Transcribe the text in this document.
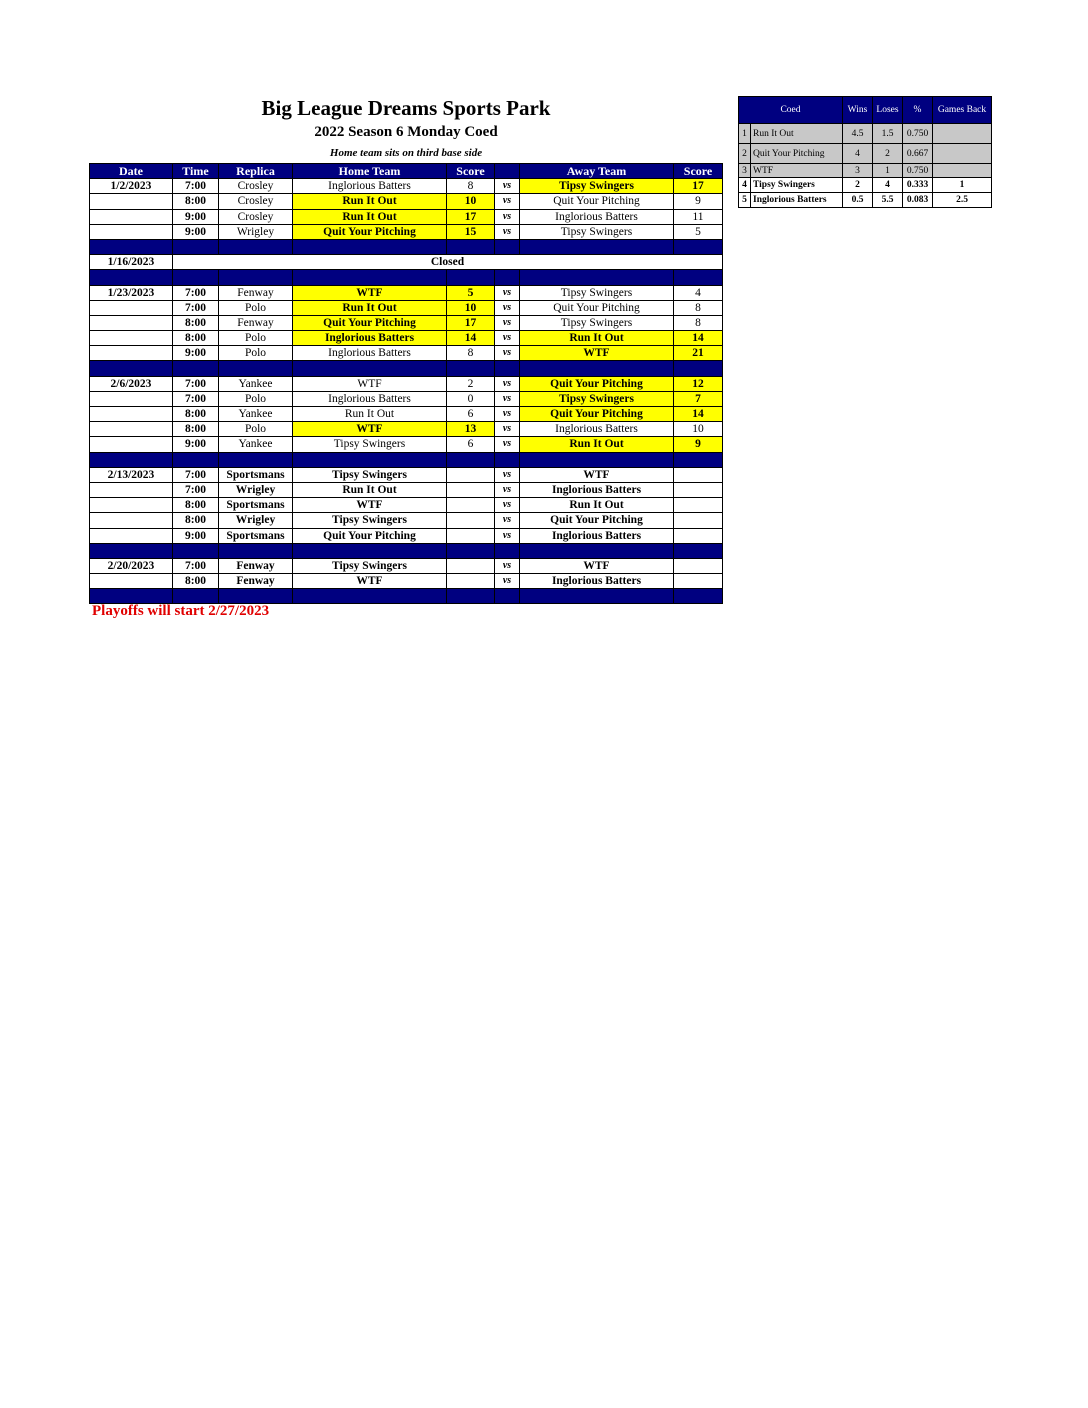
Big League Dreams Sports Park
2022 Season 6 Monday Coed
Home team sits on third base side
Date	Time	Replica	Home Team	Score		Away Team	Score
1/2/2023	7:00	Crosley	Inglorious Batters	8	vs	Tipsy Swingers	17
	8:00	Crosley	Run It Out	10	vs	Quit Your Pitching	9
	9:00	Crosley	Run It Out	17	vs	Inglorious Batters	11
	9:00	Wrigley	Quit Your Pitching	15	vs	Tipsy Swingers	5

1/16/2023	Closed						

1/23/2023	7:00	Fenway	WTF	5	vs	Tipsy Swingers	4
	7:00	Polo	Run It Out	10	vs	Quit Your Pitching	8
	8:00	Fenway	Quit Your Pitching	17	vs	Tipsy Swingers	8
	8:00	Polo	Inglorious Batters	14	vs	Run It Out	14
	9:00	Polo	Inglorious Batters	8	vs	WTF	21

2/6/2023	7:00	Yankee	WTF	2	vs	Quit Your Pitching	12
	7:00	Polo	Inglorious Batters	0	vs	Tipsy Swingers	7
	8:00	Yankee	Run It Out	6	vs	Quit Your Pitching	14
	8:00	Polo	WTF	13	vs	Inglorious Batters	10
	9:00	Yankee	Tipsy Swingers	6	vs	Run It Out	9

2/13/2023	7:00	Sportsmans	Tipsy Swingers		vs	WTF	
	7:00	Wrigley	Run It Out		vs	Inglorious Batters	
	8:00	Sportsmans	WTF		vs	Run It Out	
	8:00	Wrigley	Tipsy Swingers		vs	Quit Your Pitching	
	9:00	Sportsmans	Quit Your Pitching		vs	Inglorious Batters	

2/20/2023	7:00	Fenway	Tipsy Swingers		vs	WTF	
	8:00	Fenway	WTF		vs	Inglorious Batters	

Coed		Wins	Loses	%	Games Back
1	Run It Out	4.5	1.5	0.750	
2	Quit Your Pitching	4	2	0.667	
3	WTF	3	1	0.750	
4	Tipsy Swingers	2	4	0.333	1
5	Inglorious Batters	0.5	5.5	0.083	2.5
Playoffs will start 2/27/2023
